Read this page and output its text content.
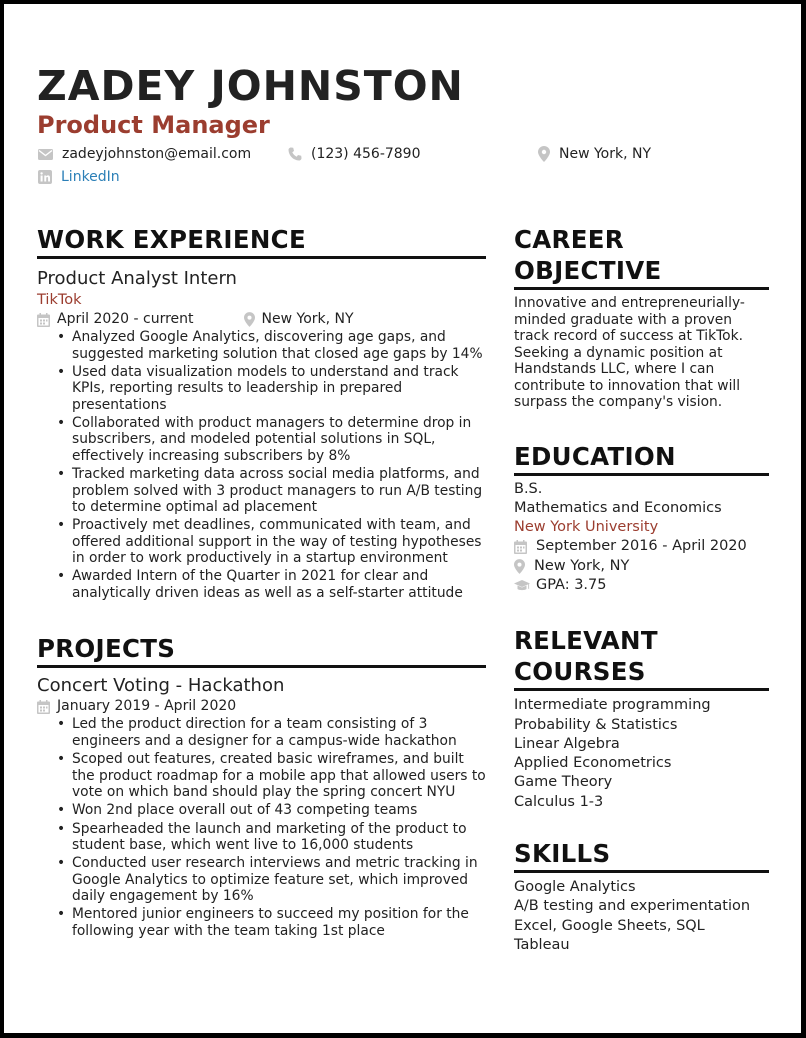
ZADEY JOHNSTON
Product Manager
zadeyjohnston@email.com	(123) 456-7890	New York, NY
LinkedIn
WORK EXPERIENCE
Product Analyst Intern
TikTok
April 2020 - current	New York, NY
• Analyzed Google Analytics, discovering age gaps, and suggested marketing solution that closed age gaps by 14%
• Used data visualization models to understand and track KPIs, reporting results to leadership in prepared presentations
• Collaborated with product managers to determine drop in subscribers, and modeled potential solutions in SQL, effectively increasing subscribers by 8%
• Tracked marketing data across social media platforms, and problem solved with 3 product managers to run A/B testing to determine optimal ad placement
• Proactively met deadlines, communicated with team, and offered additional support in the way of testing hypotheses in order to work productively in a startup environment
• Awarded Intern of the Quarter in 2021 for clear and analytically driven ideas as well as a self-starter attitude
PROJECTS
Concert Voting - Hackathon
January 2019 - April 2020
• Led the product direction for a team consisting of 3 engineers and a designer for a campus-wide hackathon
• Scoped out features, created basic wireframes, and built the product roadmap for a mobile app that allowed users to vote on which band should play the spring concert NYU
• Won 2nd place overall out of 43 competing teams
• Spearheaded the launch and marketing of the product to student base, which went live to 16,000 students
• Conducted user research interviews and metric tracking in Google Analytics to optimize feature set, which improved daily engagement by 16%
• Mentored junior engineers to succeed my position for the following year with the team taking 1st place
CAREER
OBJECTIVE
Innovative and entrepreneurially-minded graduate with a proven track record of success at TikTok. Seeking a dynamic position at Handstands LLC, where I can contribute to innovation that will surpass the company's vision.
EDUCATION
B.S.
Mathematics and Economics
New York University
September 2016 - April 2020
New York, NY
GPA: 3.75
RELEVANT
COURSES
Intermediate programming
Probability & Statistics
Linear Algebra
Applied Econometrics
Game Theory
Calculus 1-3
SKILLS
Google Analytics
A/B testing and experimentation
Excel, Google Sheets, SQL
Tableau
